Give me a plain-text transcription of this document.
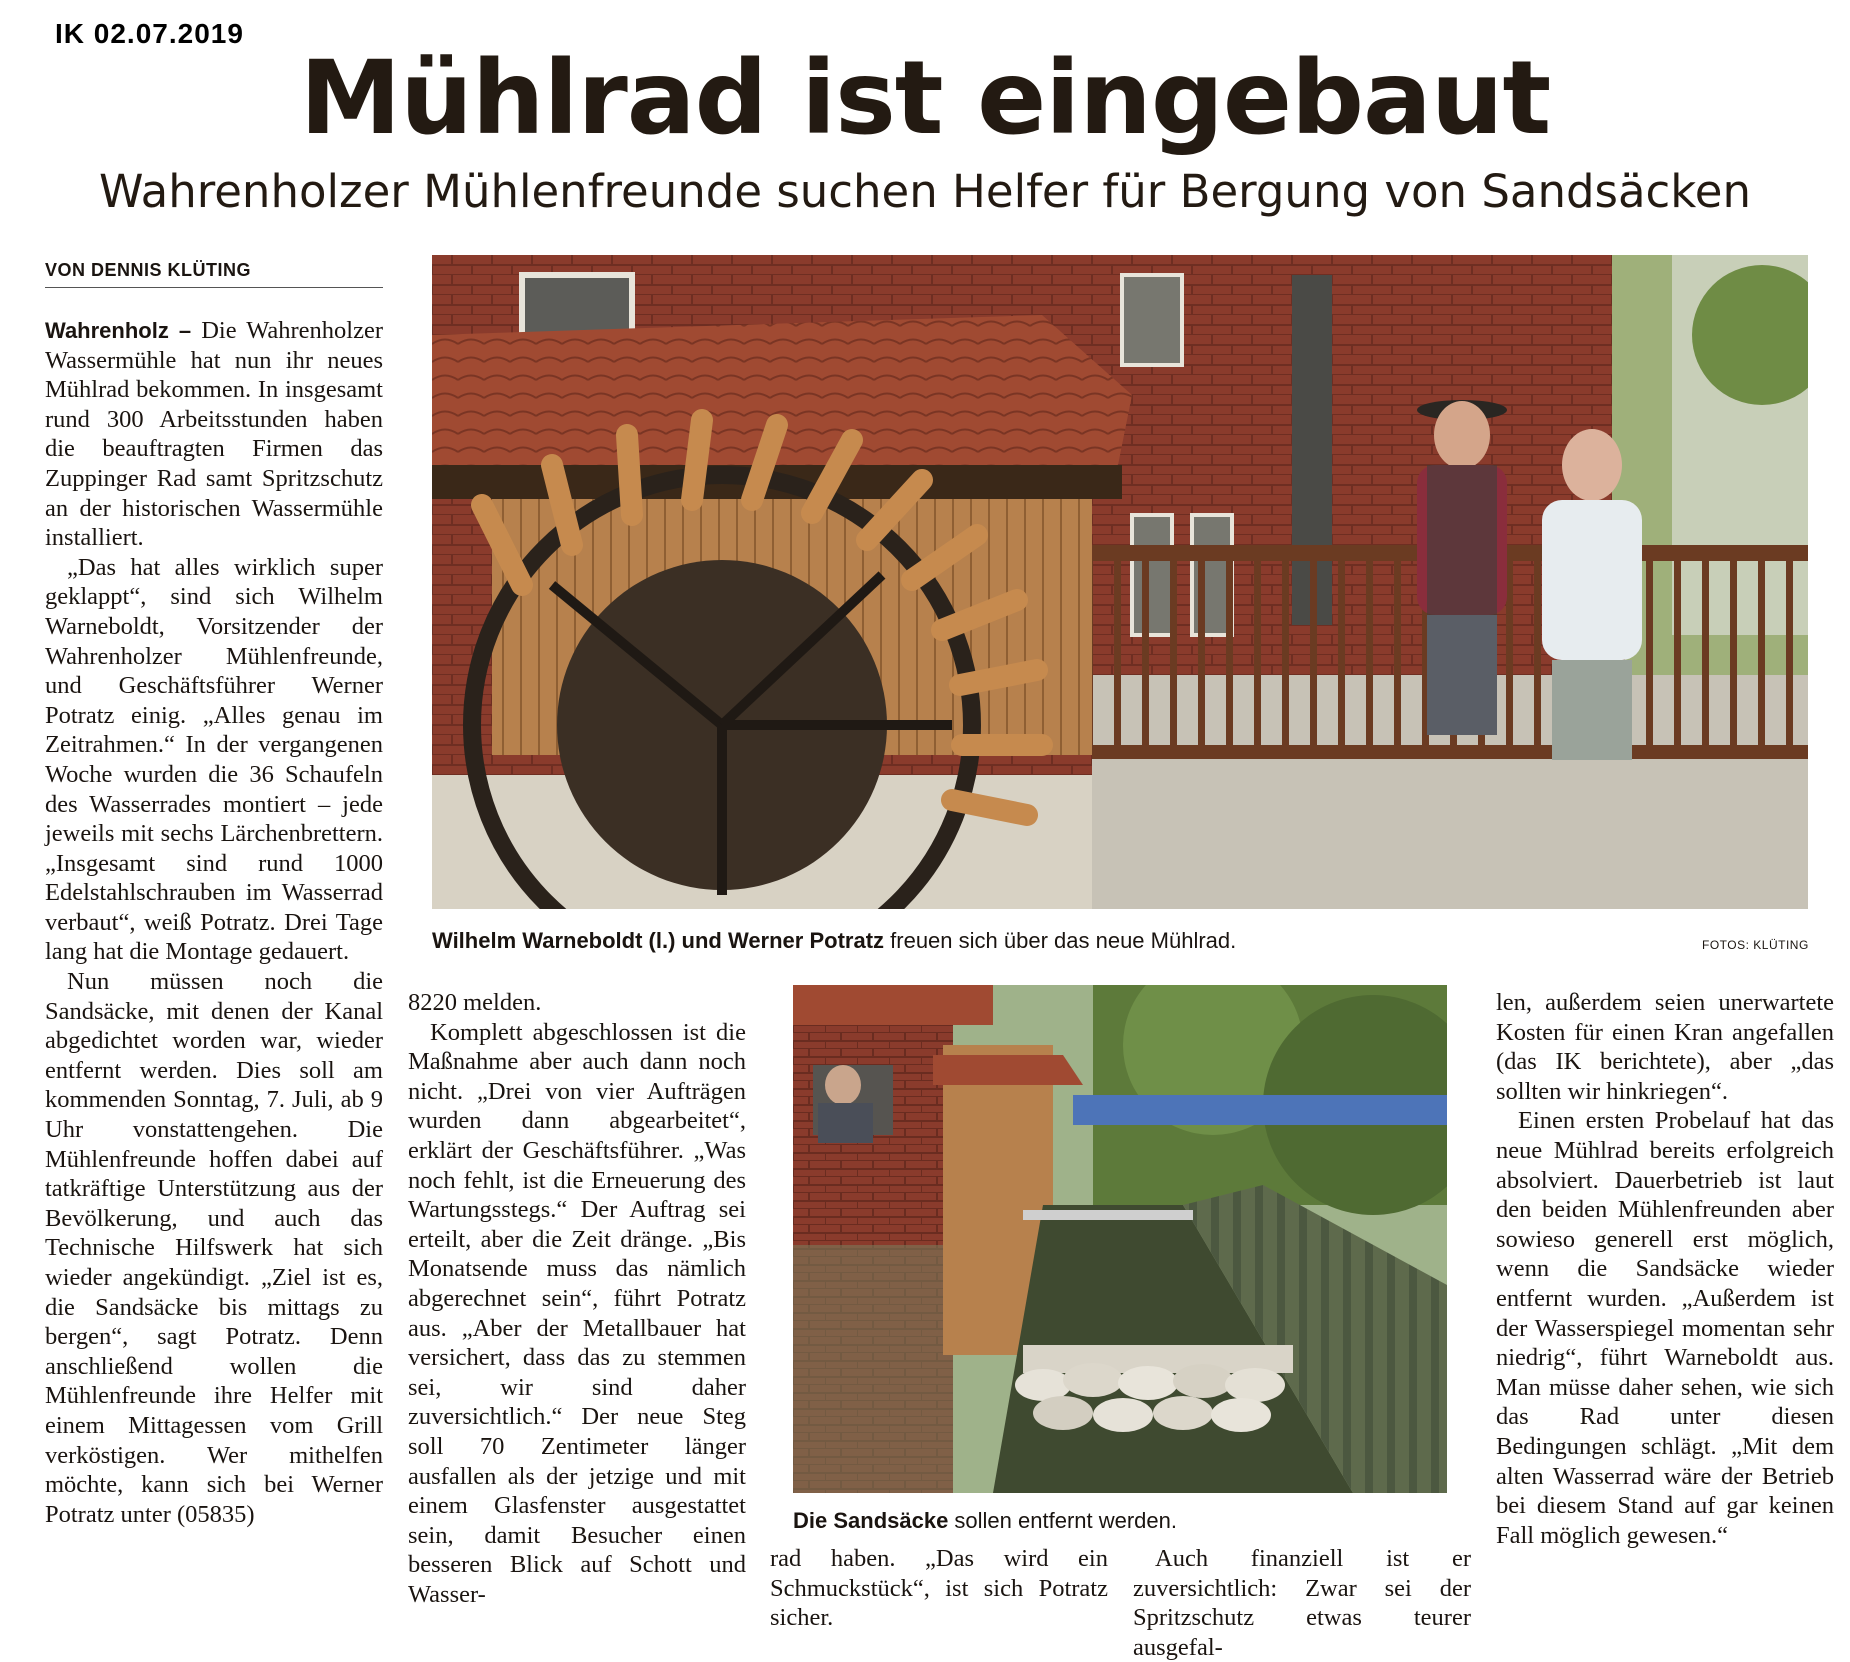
IK 02.07.2019
Mühlrad ist eingebaut
Wahrenholzer Mühlenfreunde suchen Helfer für Bergung von Sandsäcken
VON DENNIS KLÜTING

Wahrenholz – Die Wahrenholzer Wassermühle hat nun ihr neues Mühlrad bekommen. In insgesamt rund 300 Arbeitsstunden haben die beauftragten Firmen das Zuppinger Rad samt Spritzschutz an der historischen Wassermühle installiert.

„Das hat alles wirklich super geklappt“, sind sich Wilhelm Warneboldt, Vorsitzender der Wahrenholzer Mühlenfreunde, und Geschäftsführer Werner Potratz einig. „Alles genau im Zeitrahmen.“ In der vergangenen Woche wurden die 36 Schaufeln des Wasserrades montiert – jede jeweils mit sechs Lärchenbrettern. „Insgesamt sind rund 1000 Edelstahlschrauben im Wasserrad verbaut“, weiß Potratz. Drei Tage lang hat die Montage gedauert.

Nun müssen noch die Sandsäcke, mit denen der Kanal abgedichtet worden war, wieder entfernt werden. Dies soll am kommenden Sonntag, 7. Juli, ab 9 Uhr vonstattengehen. Die Mühlenfreunde hoffen dabei auf tatkräftige Unterstützung aus der Bevölkerung, und auch das Technische Hilfswerk hat sich wieder angekündigt. „Ziel ist es, die Sandsäcke bis mittags zu bergen“, sagt Potratz. Denn anschließend wollen die Mühlenfreunde ihre Helfer mit einem Mittagessen vom Grill verköstigen. Wer mithelfen möchte, kann sich bei Werner Potratz unter (05835)

Wilhelm Warneboldt (l.) und Werner Potratz freuen sich über das neue Mühlrad.	FOTOS: KLÜTING

8220 melden.

Komplett abgeschlossen ist die Maßnahme aber auch dann noch nicht. „Drei von vier Aufträgen wurden dann abgearbeitet“, erklärt der Geschäftsführer. „Was noch fehlt, ist die Erneuerung des Wartungsstegs.“ Der Auftrag sei erteilt, aber die Zeit dränge. „Bis Monatsende muss das nämlich abgerechnet sein“, führt Potratz aus. „Aber der Metallbauer hat versichert, dass das zu stemmen sei, wir sind daher zuversichtlich.“ Der neue Steg soll 70 Zentimeter länger ausfallen als der jetzige und mit einem Glasfenster ausgestattet sein, damit Besucher einen besseren Blick auf Schott und Wasser-

Die Sandsäcke sollen entfernt werden.

rad haben. „Das wird ein Schmuckstück“, ist sich Potratz sicher.

Auch finanziell ist er zuversichtlich: Zwar sei der Spritzschutz etwas teurer ausgefal-

len, außerdem seien unerwartete Kosten für einen Kran angefallen (das IK berichtete), aber „das sollten wir hinkriegen“.

Einen ersten Probelauf hat das neue Mühlrad bereits erfolgreich absolviert. Dauerbetrieb ist laut den beiden Mühlenfreunden aber sowieso generell erst möglich, wenn die Sandsäcke wieder entfernt wurden. „Außerdem ist der Wasserspiegel momentan sehr niedrig“, führt Warneboldt aus. Man müsse daher sehen, wie sich das Rad unter diesen Bedingungen schlägt. „Mit dem alten Wasserrad wäre der Betrieb bei diesem Stand auf gar keinen Fall möglich gewesen.“
